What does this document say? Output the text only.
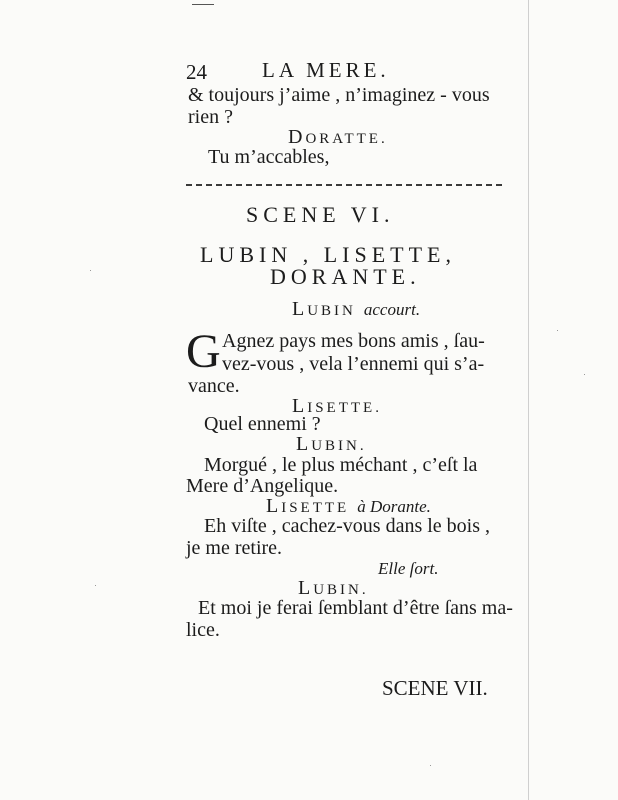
24	LA MERE.
& toujours j’aime , n’imaginez - vous
rien ?
DORATTE.
Tu m’accables,
SCENE VI.
LUBIN , LISETTE,
DORANTE.
LUBIN accourt.
G Agnez pays mes bons amis , ſau-
vez-vous , vela l’ennemi qui s’a-
vance.
LISETTE.
Quel ennemi ?
LUBIN.
Morgué , le plus méchant , c’eſt la
Mere d’Angelique.
LISETTE à Dorante.
Eh viſte , cachez-vous dans le bois ,
je me retire.
Elle ſort.
LUBIN.
Et moi je ferai ſemblant d’être ſans ma-
lice.
SCENE VII.
